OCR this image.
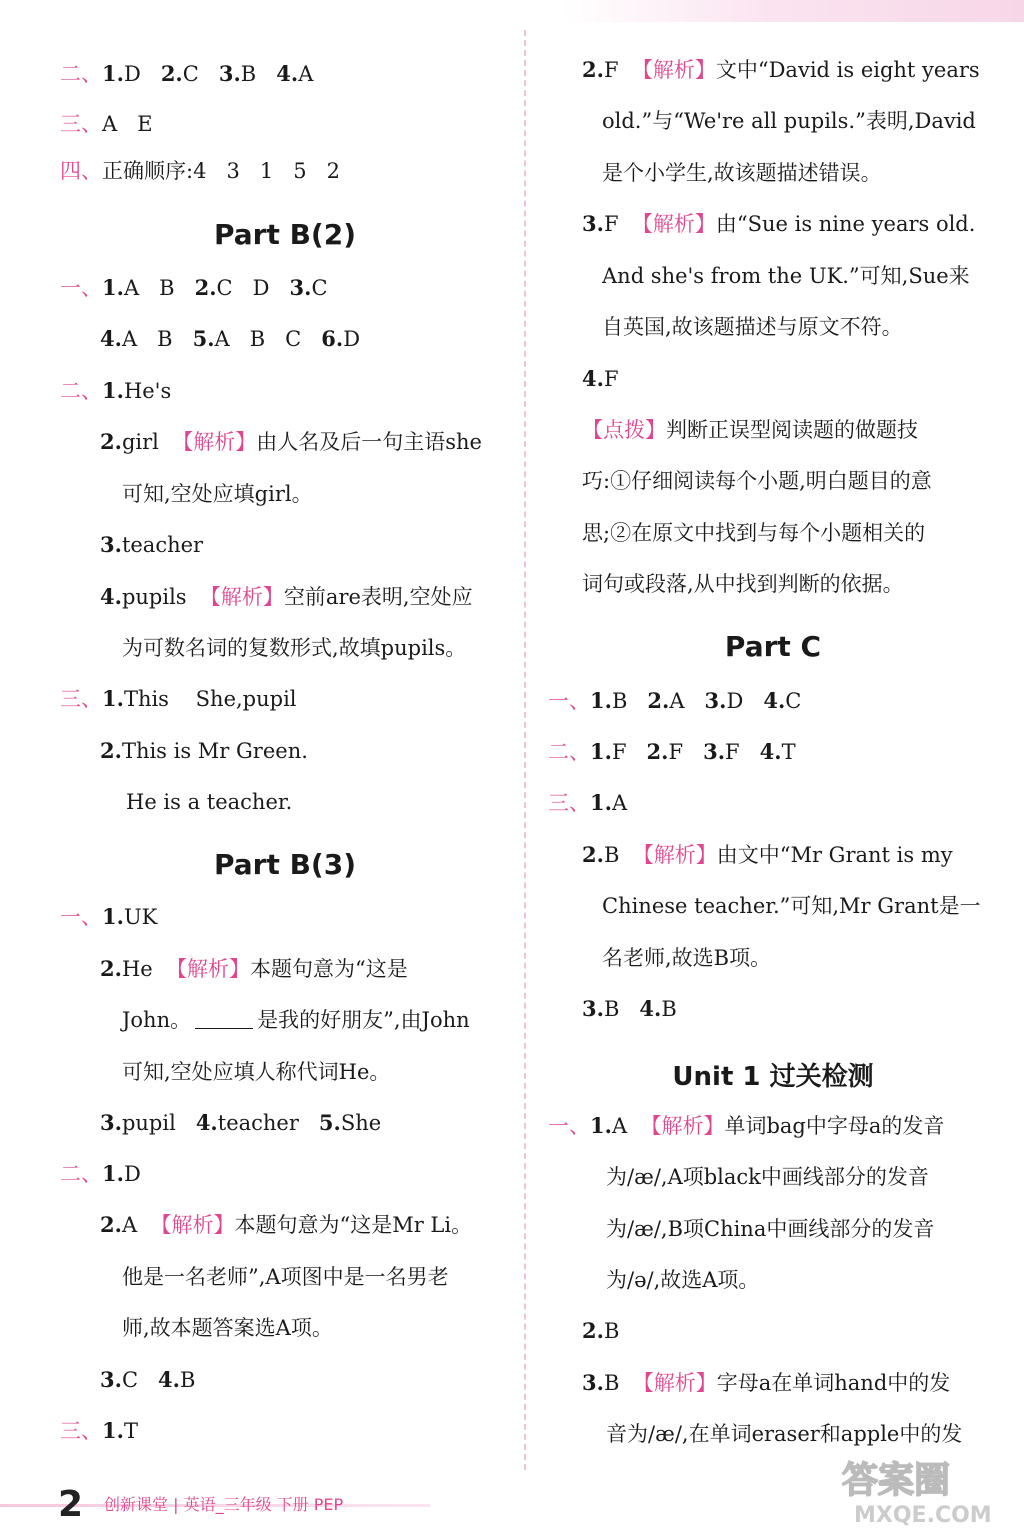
二、1.D   2.C   3.B   4.A
三、A   E
四、正确顺序:4   3   1   5   2
Part B(2)
一、1.A   B   2.C   D   3.C
4.A   B   5.A   B   C   6.D
二、1.He's
2.girl  【解析】由人名及后一句主语she
可知,空处应填girl。
3.teacher
4.pupils  【解析】空前are表明,空处应
为可数名词的复数形式,故填pupils。
三、1.This    She,pupil
2.This is Mr Green.
He is a teacher.
Part B(3)
一、1.UK
2.He  【解析】本题句意为“这是
John。	是我的好朋友”,由John
可知,空处应填人称代词He。
3.pupil   4.teacher   5.She
二、1.D
2.A  【解析】本题句意为“这是Mr Li。
他是一名老师”,A项图中是一名男老
师,故本题答案选A项。
3.C   4.B
三、1.T
2.F  【解析】文中“David is eight years
old.”与“We're all pupils.”表明,David
是个小学生,故该题描述错误。
3.F  【解析】由“Sue is nine years old.
And she's from the UK.”可知,Sue来
自英国,故该题描述与原文不符。
4.F
【点拨】判断正误型阅读题的做题技
巧:①仔细阅读每个小题,明白题目的意
思;②在原文中找到与每个小题相关的
词句或段落,从中找到判断的依据。
Part C
一、1.B   2.A   3.D   4.C
二、1.F   2.F   3.F   4.T
三、1.A
2.B  【解析】由文中“Mr Grant is my
Chinese teacher.”可知,Mr Grant是一
名老师,故选B项。
3.B   4.B
Unit 1 过关检测
一、1.A  【解析】单词bag中字母a的发音
为/æ/,A项black中画线部分的发音
为/æ/,B项China中画线部分的发音
为/ə/,故选A项。
2.B
3.B  【解析】字母a在单词hand中的发
音为/æ/,在单词eraser和apple中的发
2 创新课堂 | 英语_三年级 下册 PEP
答案圈
MXQE.COM
